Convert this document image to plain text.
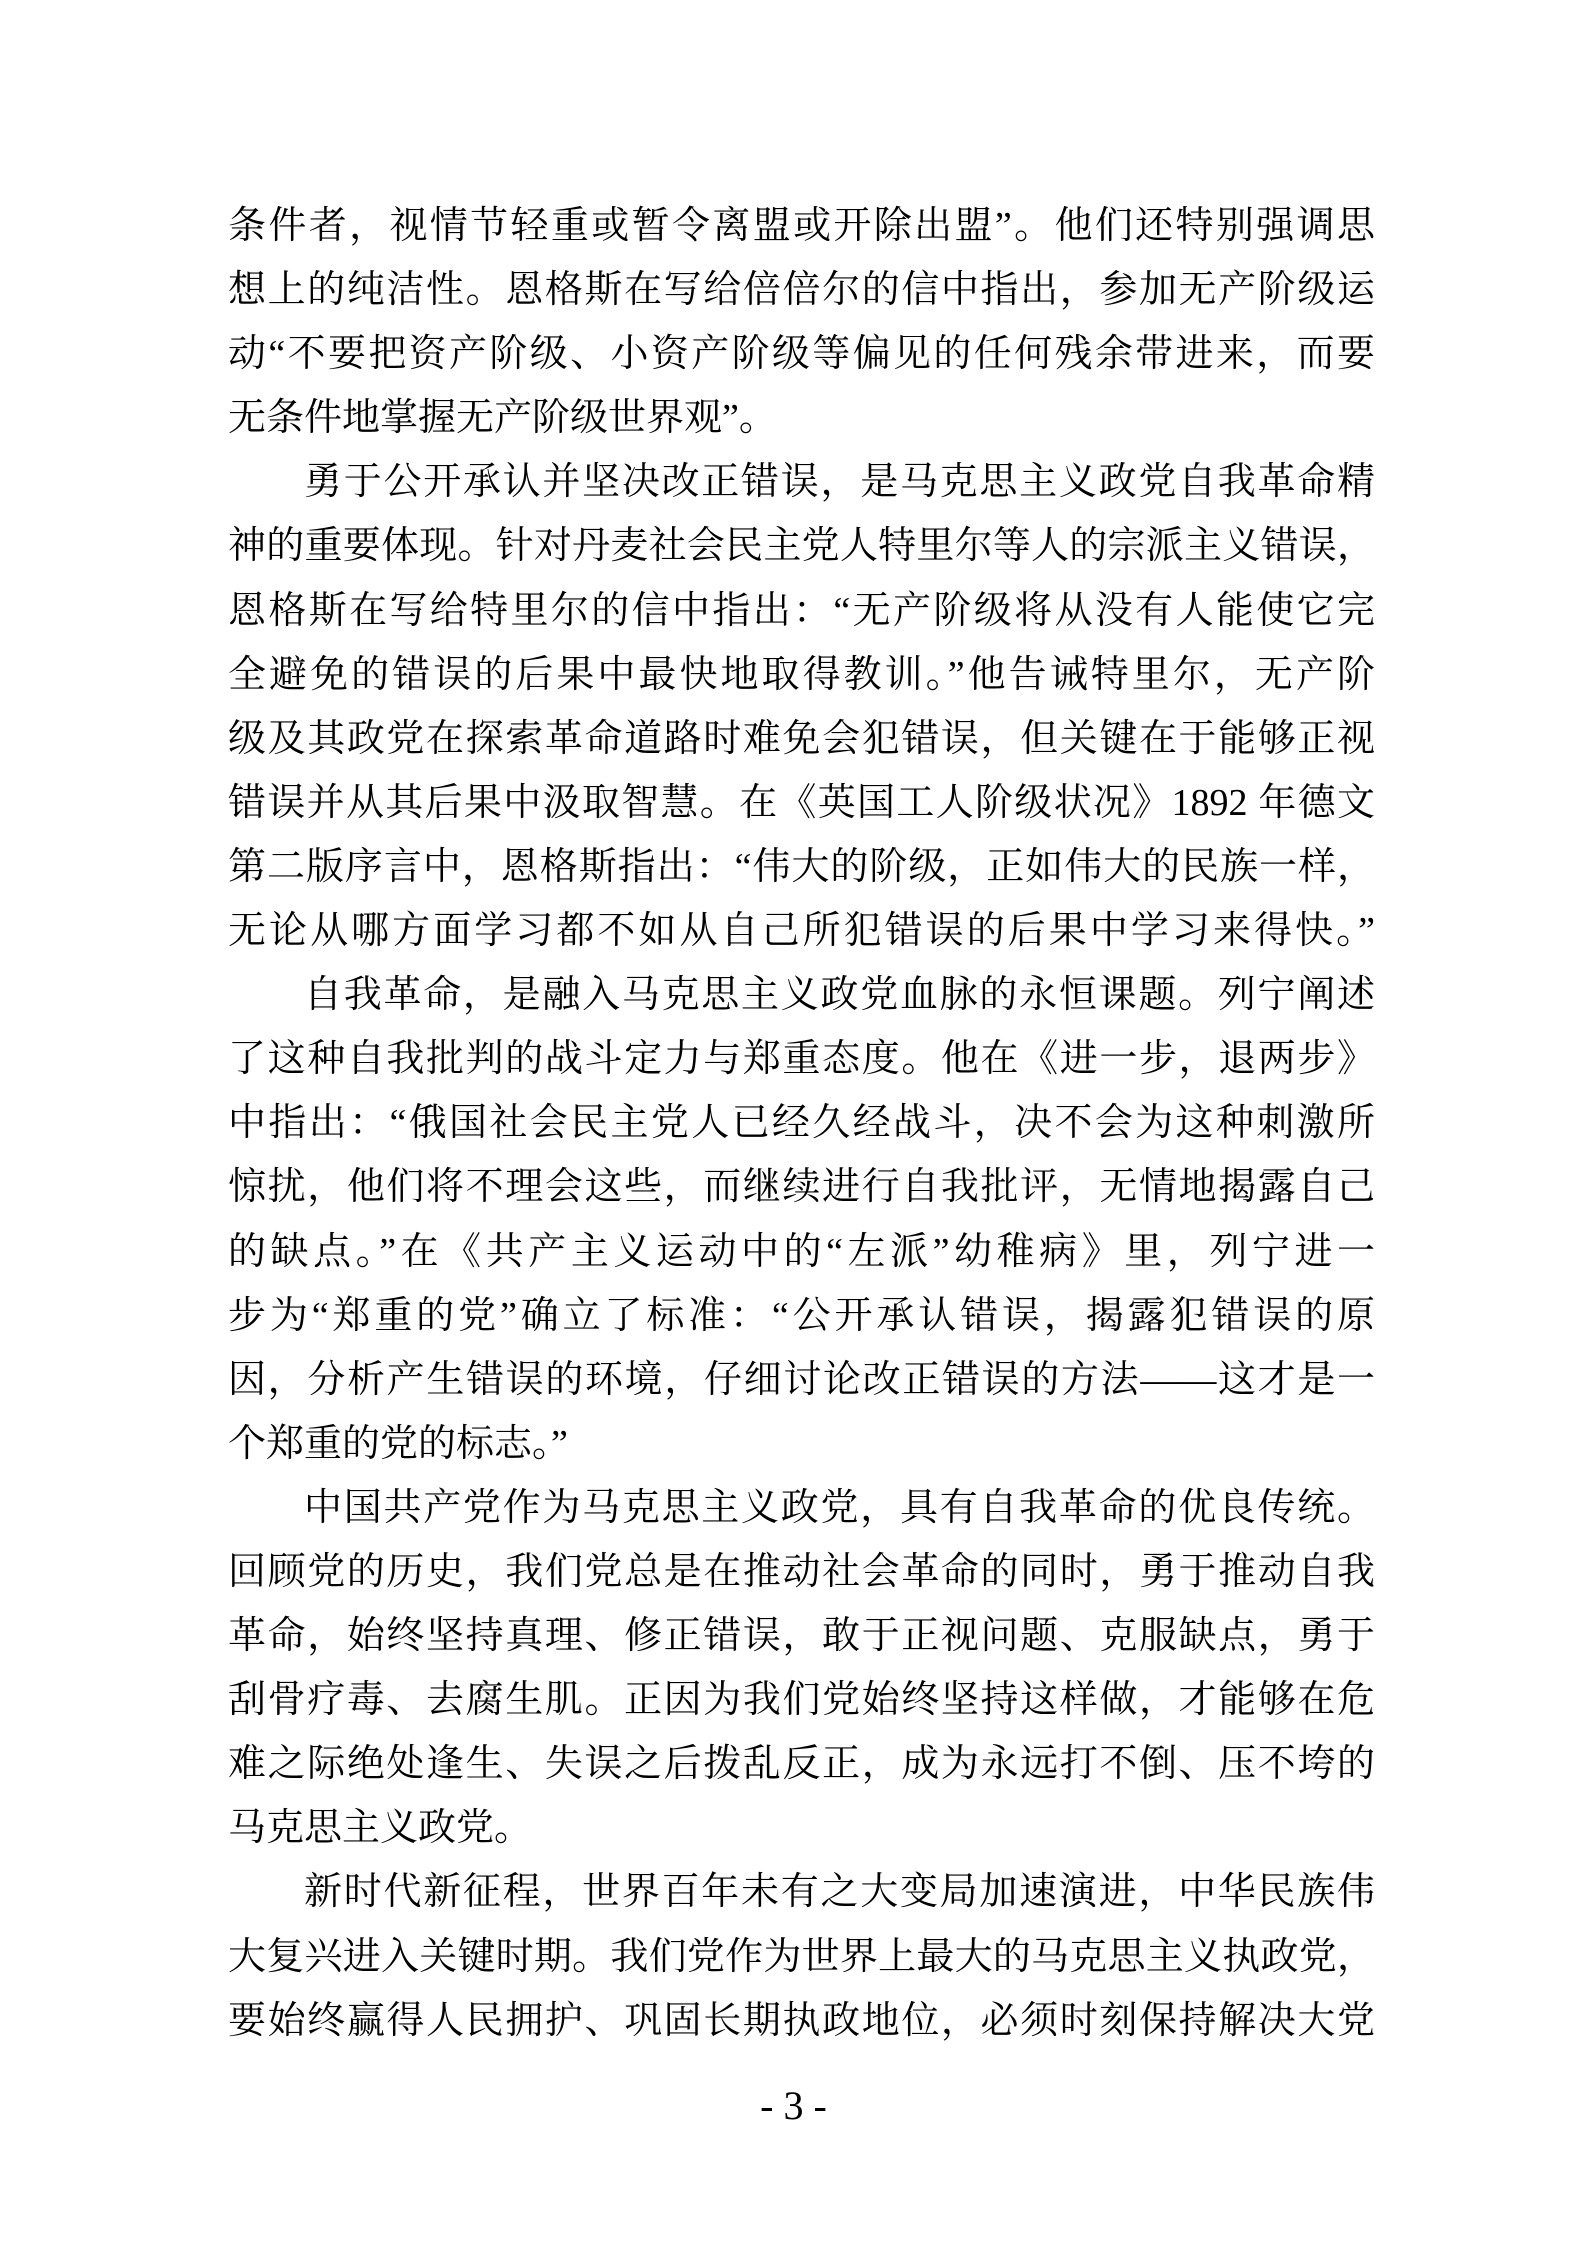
条件者，视情节轻重或暂令离盟或开除出盟”。他们还特别强调思
想上的纯洁性。恩格斯在写给倍倍尔的信中指出，参加无产阶级运
动“不要把资产阶级、小资产阶级等偏见的任何残余带进来，而要
无条件地掌握无产阶级世界观”。
勇于公开承认并坚决改正错误，是马克思主义政党自我革命精
神的重要体现。针对丹麦社会民主党人特里尔等人的宗派主义错误，
恩格斯在写给特里尔的信中指出：“无产阶级将从没有人能使它完
全避免的错误的后果中最快地取得教训。”他告诫特里尔，无产阶
级及其政党在探索革命道路时难免会犯错误，但关键在于能够正视
错误并从其后果中汲取智慧。在《英国工人阶级状况》1892 年德文
第二版序言中，恩格斯指出：“伟大的阶级，正如伟大的民族一样，
无论从哪方面学习都不如从自己所犯错误的后果中学习来得快。”
自我革命，是融入马克思主义政党血脉的永恒课题。列宁阐述
了这种自我批判的战斗定力与郑重态度。他在《进一步，退两步》
中指出：“俄国社会民主党人已经久经战斗，决不会为这种刺激所
惊扰，他们将不理会这些，而继续进行自我批评，无情地揭露自己
的缺点。”在《共产主义运动中的“左派”幼稚病》里，列宁进一
步为“郑重的党”确立了标准：“公开承认错误，揭露犯错误的原
因，分析产生错误的环境，仔细讨论改正错误的方法——这才是一
个郑重的党的标志。”
中国共产党作为马克思主义政党，具有自我革命的优良传统。
回顾党的历史，我们党总是在推动社会革命的同时，勇于推动自我
革命，始终坚持真理、修正错误，敢于正视问题、克服缺点，勇于
刮骨疗毒、去腐生肌。正因为我们党始终坚持这样做，才能够在危
难之际绝处逢生、失误之后拨乱反正，成为永远打不倒、压不垮的
马克思主义政党。
新时代新征程，世界百年未有之大变局加速演进，中华民族伟
大复兴进入关键时期。我们党作为世界上最大的马克思主义执政党，
要始终赢得人民拥护、巩固长期执政地位，必须时刻保持解决大党
- 3 -
